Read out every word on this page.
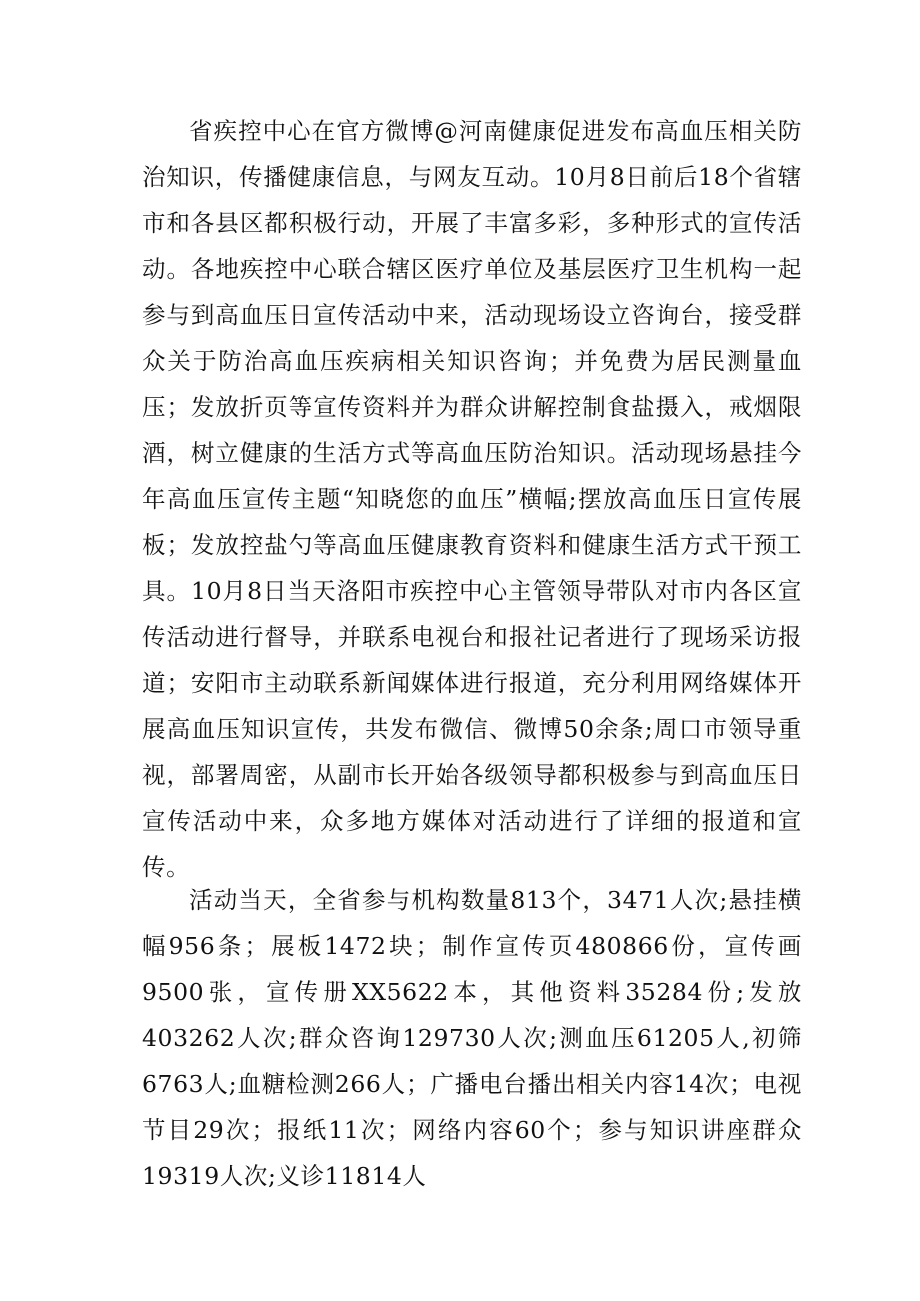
省疾控中心在官方微博@河南健康促进发布高血压相关防治知识，传播健康信息，与网友互动。10月8日前后18个省辖市和各县区都积极行动，开展了丰富多彩，多种形式的宣传活动。各地疾控中心联合辖区医疗单位及基层医疗卫生机构一起参与到高血压日宣传活动中来，活动现场设立咨询台，接受群众关于防治高血压疾病相关知识咨询；并免费为居民测量血压；发放折页等宣传资料并为群众讲解控制食盐摄入，戒烟限酒，树立健康的生活方式等高血压防治知识。活动现场悬挂今年高血压宣传主题“知晓您的血压”横幅;摆放高血压日宣传展板；发放控盐勺等高血压健康教育资料和健康生活方式干预工具。10月8日当天洛阳市疾控中心主管领导带队对市内各区宣传活动进行督导，并联系电视台和报社记者进行了现场采访报道；安阳市主动联系新闻媒体进行报道，充分利用网络媒体开展高血压知识宣传，共发布微信、微博50余条;周口市领导重视，部署周密，从副市长开始各级领导都积极参与到高血压日宣传活动中来，众多地方媒体对活动进行了详细的报道和宣传。

活动当天，全省参与机构数量813个，3471人次;悬挂横幅956条；展板1472块；制作宣传页480866份，宣传画9500张，宣传册XX5622本，其他资料35284份;发放403262人次;群众咨询129730人次;测血压61205人,初筛6763人;血糖检测266人；广播电台播出相关内容14次；电视节目29次；报纸11次；网络内容60个；参与知识讲座群众19319人次;义诊11814人
